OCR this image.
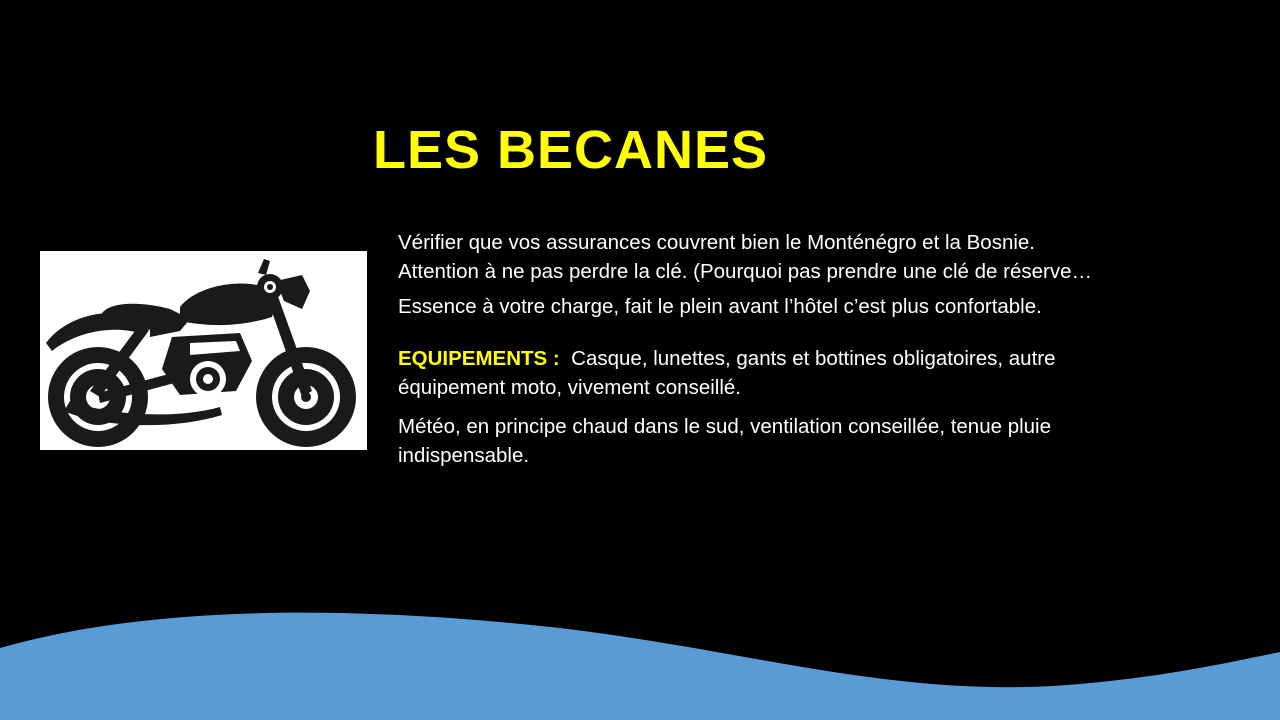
LES BECANES

Vérifier que vos assurances couvrent bien le Monténégro et la Bosnie.
Attention à ne pas perdre la clé. (Pourquoi pas prendre une clé de réserve…

Essence à votre charge, fait le plein avant l’hôtel c’est plus confortable.

EQUIPEMENTS : Casque, lunettes, gants et bottines obligatoires, autre
équipement moto, vivement conseillé.

Météo, en principe chaud dans le sud, ventilation conseillée, tenue pluie
indispensable.
